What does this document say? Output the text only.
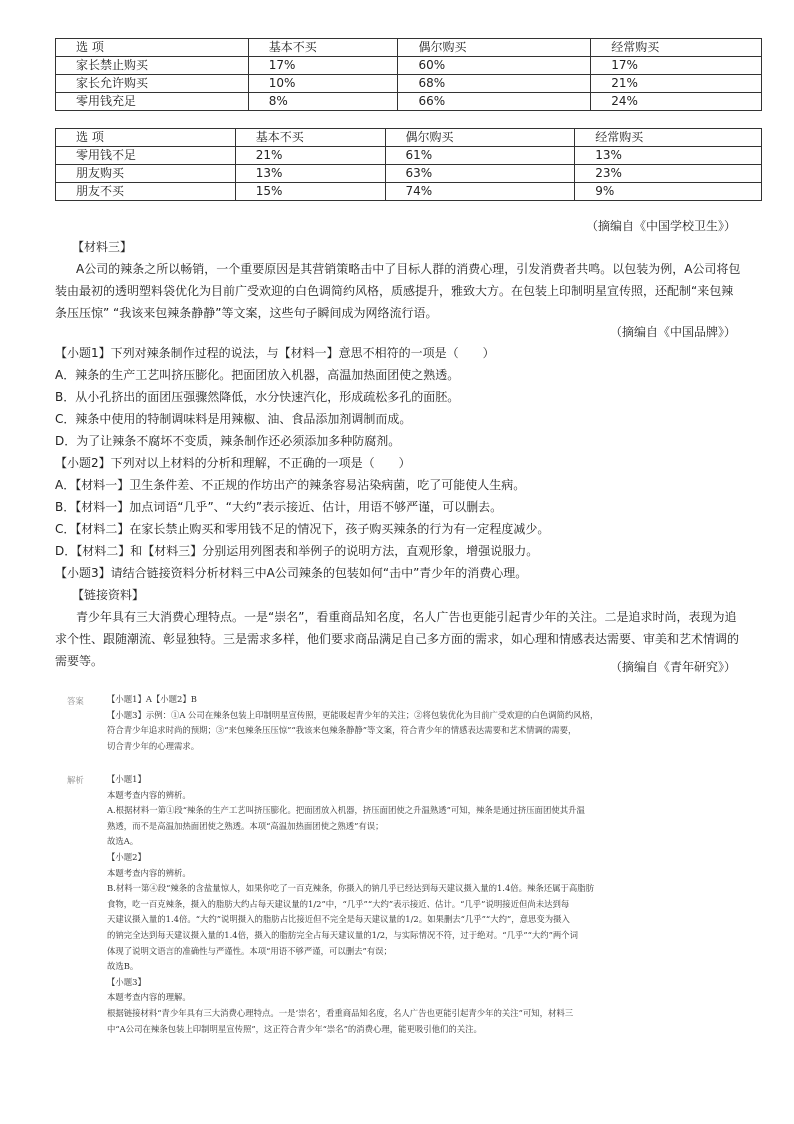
选 项	基本不买	偶尔购买	经常购买
家长禁止购买	17%	60%	17%
家长允许购买	10%	68%	21%
零用钱充足	8%	66%	24%
选 项	基本不买	偶尔购买	经常购买
零用钱不足	21%	61%	13%
朋友购买	13%	63%	23%
朋友不买	15%	74%	9%
（摘编自《中国学校卫生》）
【材料三】
A公司的辣条之所以畅销，一个重要原因是其营销策略击中了目标人群的消费心理，引发消费者共鸣。以包装为例，A公司将包装由最初的透明塑料袋优化为目前广受欢迎的白色调简约风格，质感提升，雅致大方。在包装上印制明星宣传照，还配制“来包辣条压压惊” “我该来包辣条静静”等文案，这些句子瞬间成为网络流行语。
（摘编自《中国品牌》）
【小题1】下列对辣条制作过程的说法，与【材料一】意思不相符的一项是（　　）
A．辣条的生产工艺叫挤压膨化。把面团放入机器，高温加热面团使之熟透。
B．从小孔挤出的面团压强骤然降低，水分快速汽化，形成疏松多孔的面胚。
C．辣条中使用的特制调味料是用辣椒、油、食品添加剂调制而成。
D．为了让辣条不腐坏不变质，辣条制作还必须添加多种防腐剂。
【小题2】下列对以上材料的分析和理解，不正确的一项是（　　）
A．【材料一】卫生条件差、不正规的作坊出产的辣条容易沾染病菌，吃了可能使人生病。
B．【材料一】加点词语“几乎”、“大约”表示接近、估计，用语不够严谨，可以删去。
C．【材料二】在家长禁止购买和零用钱不足的情况下，孩子购买辣条的行为有一定程度减少。
D．【材料二】和【材料三】分别运用列图表和举例子的说明方法，直观形象，增强说服力。
【小题3】请结合链接资料分析材料三中A公司辣条的包装如何“击中”青少年的消费心理。
【链接资料】
青少年具有三大消费心理特点。一是“崇名”，看重商品知名度，名人广告也更能引起青少年的关注。二是追求时尚，表现为追求个性、跟随潮流、彰显独特。三是需求多样，他们要求商品满足自己多方面的需求，如心理和情感表达需要、审美和艺术情调的需要等。	（摘编自《青年研究》）
答案	【小题1】A【小题2】B
【小题3】示例：①A 公司在辣条包装上印制明星宣传照，更能吸起青少年的关注；②将包装优化为目前广受欢迎的白色调简约风格，
符合青少年追求时尚的预期；③“来包辣条压压惊”“我该来包辣条静静”等文案，符合青少年的情感表达需要和艺术情调的需要，
切合青少年的心理需求。
解析	【小题1】
本题考查内容的辨析。
A.根据材料一第①段“辣条的生产工艺叫挤压膨化。把面团放入机器，挤压面团使之升温熟透”可知，辣条是通过挤压面团使其升温
熟透，而不是高温加热面团使之熟透。本项“高温加热面团使之熟透”有误；
故选A。
【小题2】
本题考查内容的辨析。
B.材料一第④段“辣条的含盐量惊人，如果你吃了一百克辣条，你摄入的钠几乎已经达到每天建议摄入量的1.4倍。辣条还属于高脂肪
食物，吃一百克辣条，摄入的脂肪大约占每天建议量的1/2”中，“几乎”“大约”表示接近、估计。“几乎”说明接近但尚未达到每
天建议摄入量的1.4倍。“大约”说明摄入的脂肪占比接近但不完全是每天建议量的1/2。如果删去“几乎”“大约”，意思变为摄入
的钠完全达到每天建议摄入量的1.4倍，摄入的脂肪完全占每天建议量的1/2，与实际情况不符，过于绝对。“几乎”“大约”两个词
体现了说明文语言的准确性与严谨性。本项“用语不够严谨，可以删去”有误；
故选B。
【小题3】
本题考查内容的理解。
根据链接材料“青少年具有三大消费心理特点。一是‘崇名’，看重商品知名度，名人广告也更能引起青少年的关注”可知，材料三
中“A公司在辣条包装上印制明星宣传照”，这正符合青少年“崇名”的消费心理，能更吸引他们的关注。
